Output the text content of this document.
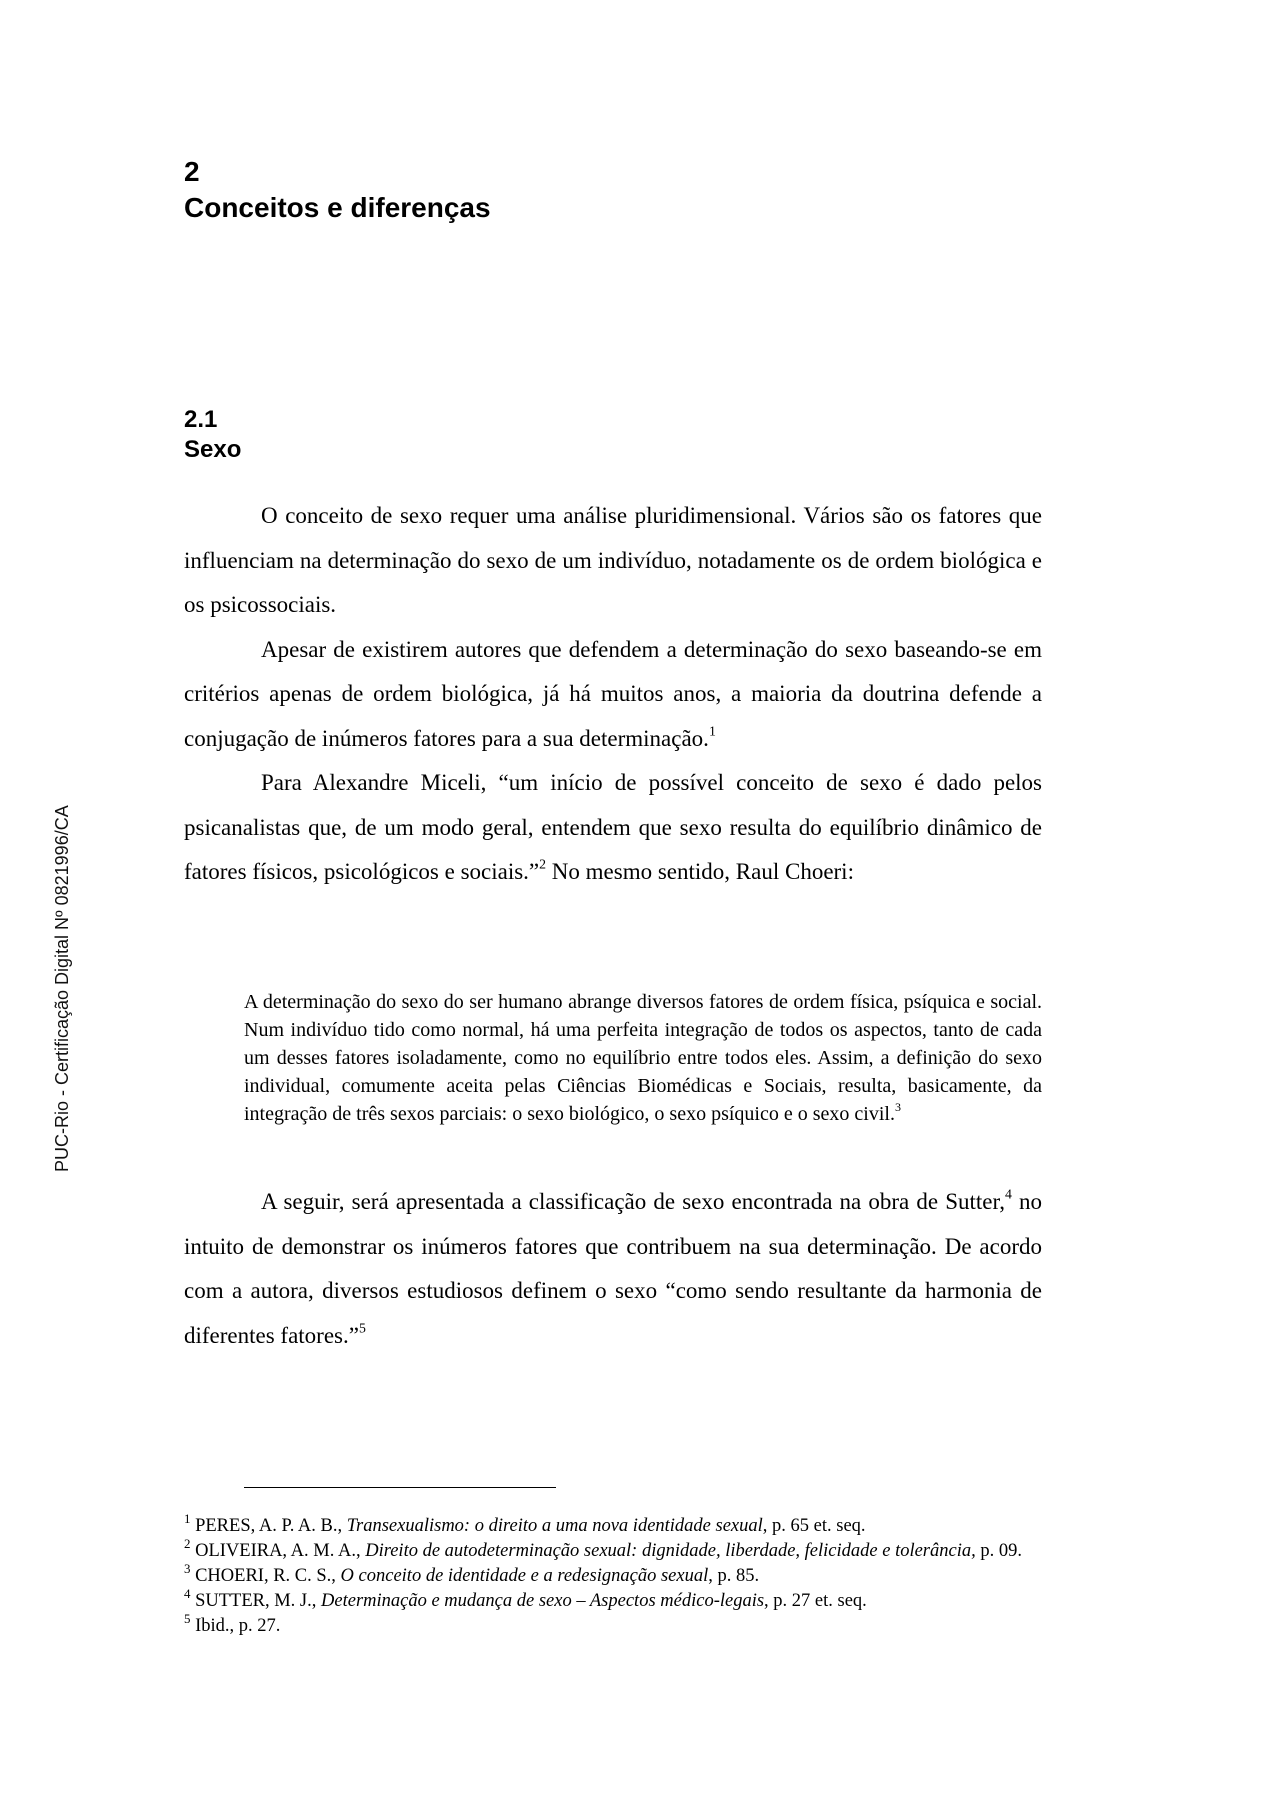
PUC-Rio - Certificação Digital Nº 0821996/CA
2
Conceitos e diferenças
2.1
Sexo

O conceito de sexo requer uma análise pluridimensional. Vários são os fatores que influenciam na determinação do sexo de um indivíduo, notadamente os de ordem biológica e os psicossociais.

Apesar de existirem autores que defendem a determinação do sexo baseando-se em critérios apenas de ordem biológica, já há muitos anos, a maioria da doutrina defende a conjugação de inúmeros fatores para a sua determinação.$^1$

Para Alexandre Miceli, “um início de possível conceito de sexo é dado pelos psicanalistas que, de um modo geral, entendem que sexo resulta do equilíbrio dinâmico de fatores físicos, psicológicos e sociais.”$^2$ No mesmo sentido, Raul Choeri:

A determinação do sexo do ser humano abrange diversos fatores de ordem física, psíquica e social. Num indivíduo tido como normal, há uma perfeita integração de todos os aspectos, tanto de cada um desses fatores isoladamente, como no equilíbrio entre todos eles. Assim, a definição do sexo individual, comumente aceita pelas Ciências Biomédicas e Sociais, resulta, basicamente, da integração de três sexos parciais: o sexo biológico, o sexo psíquico e o sexo civil.$^3$

A seguir, será apresentada a classificação de sexo encontrada na obra de Sutter,$^4$ no intuito de demonstrar os inúmeros fatores que contribuem na sua determinação. De acordo com a autora, diversos estudiosos definem o sexo “como sendo resultante da harmonia de diferentes fatores.”$^5$

$^1$ PERES, A. P. A. B., Transexualismo: o direito a uma nova identidade sexual, p. 65 et. seq.

$^2$ OLIVEIRA, A. M. A., Direito de autodeterminação sexual: dignidade, liberdade, felicidade e tolerância, p. 09.

$^3$ CHOERI, R. C. S., O conceito de identidade e a redesignação sexual, p. 85.

$^4$ SUTTER, M. J., Determinação e mudança de sexo – Aspectos médico-legais, p. 27 et. seq.

$^5$ Ibid., p. 27.
